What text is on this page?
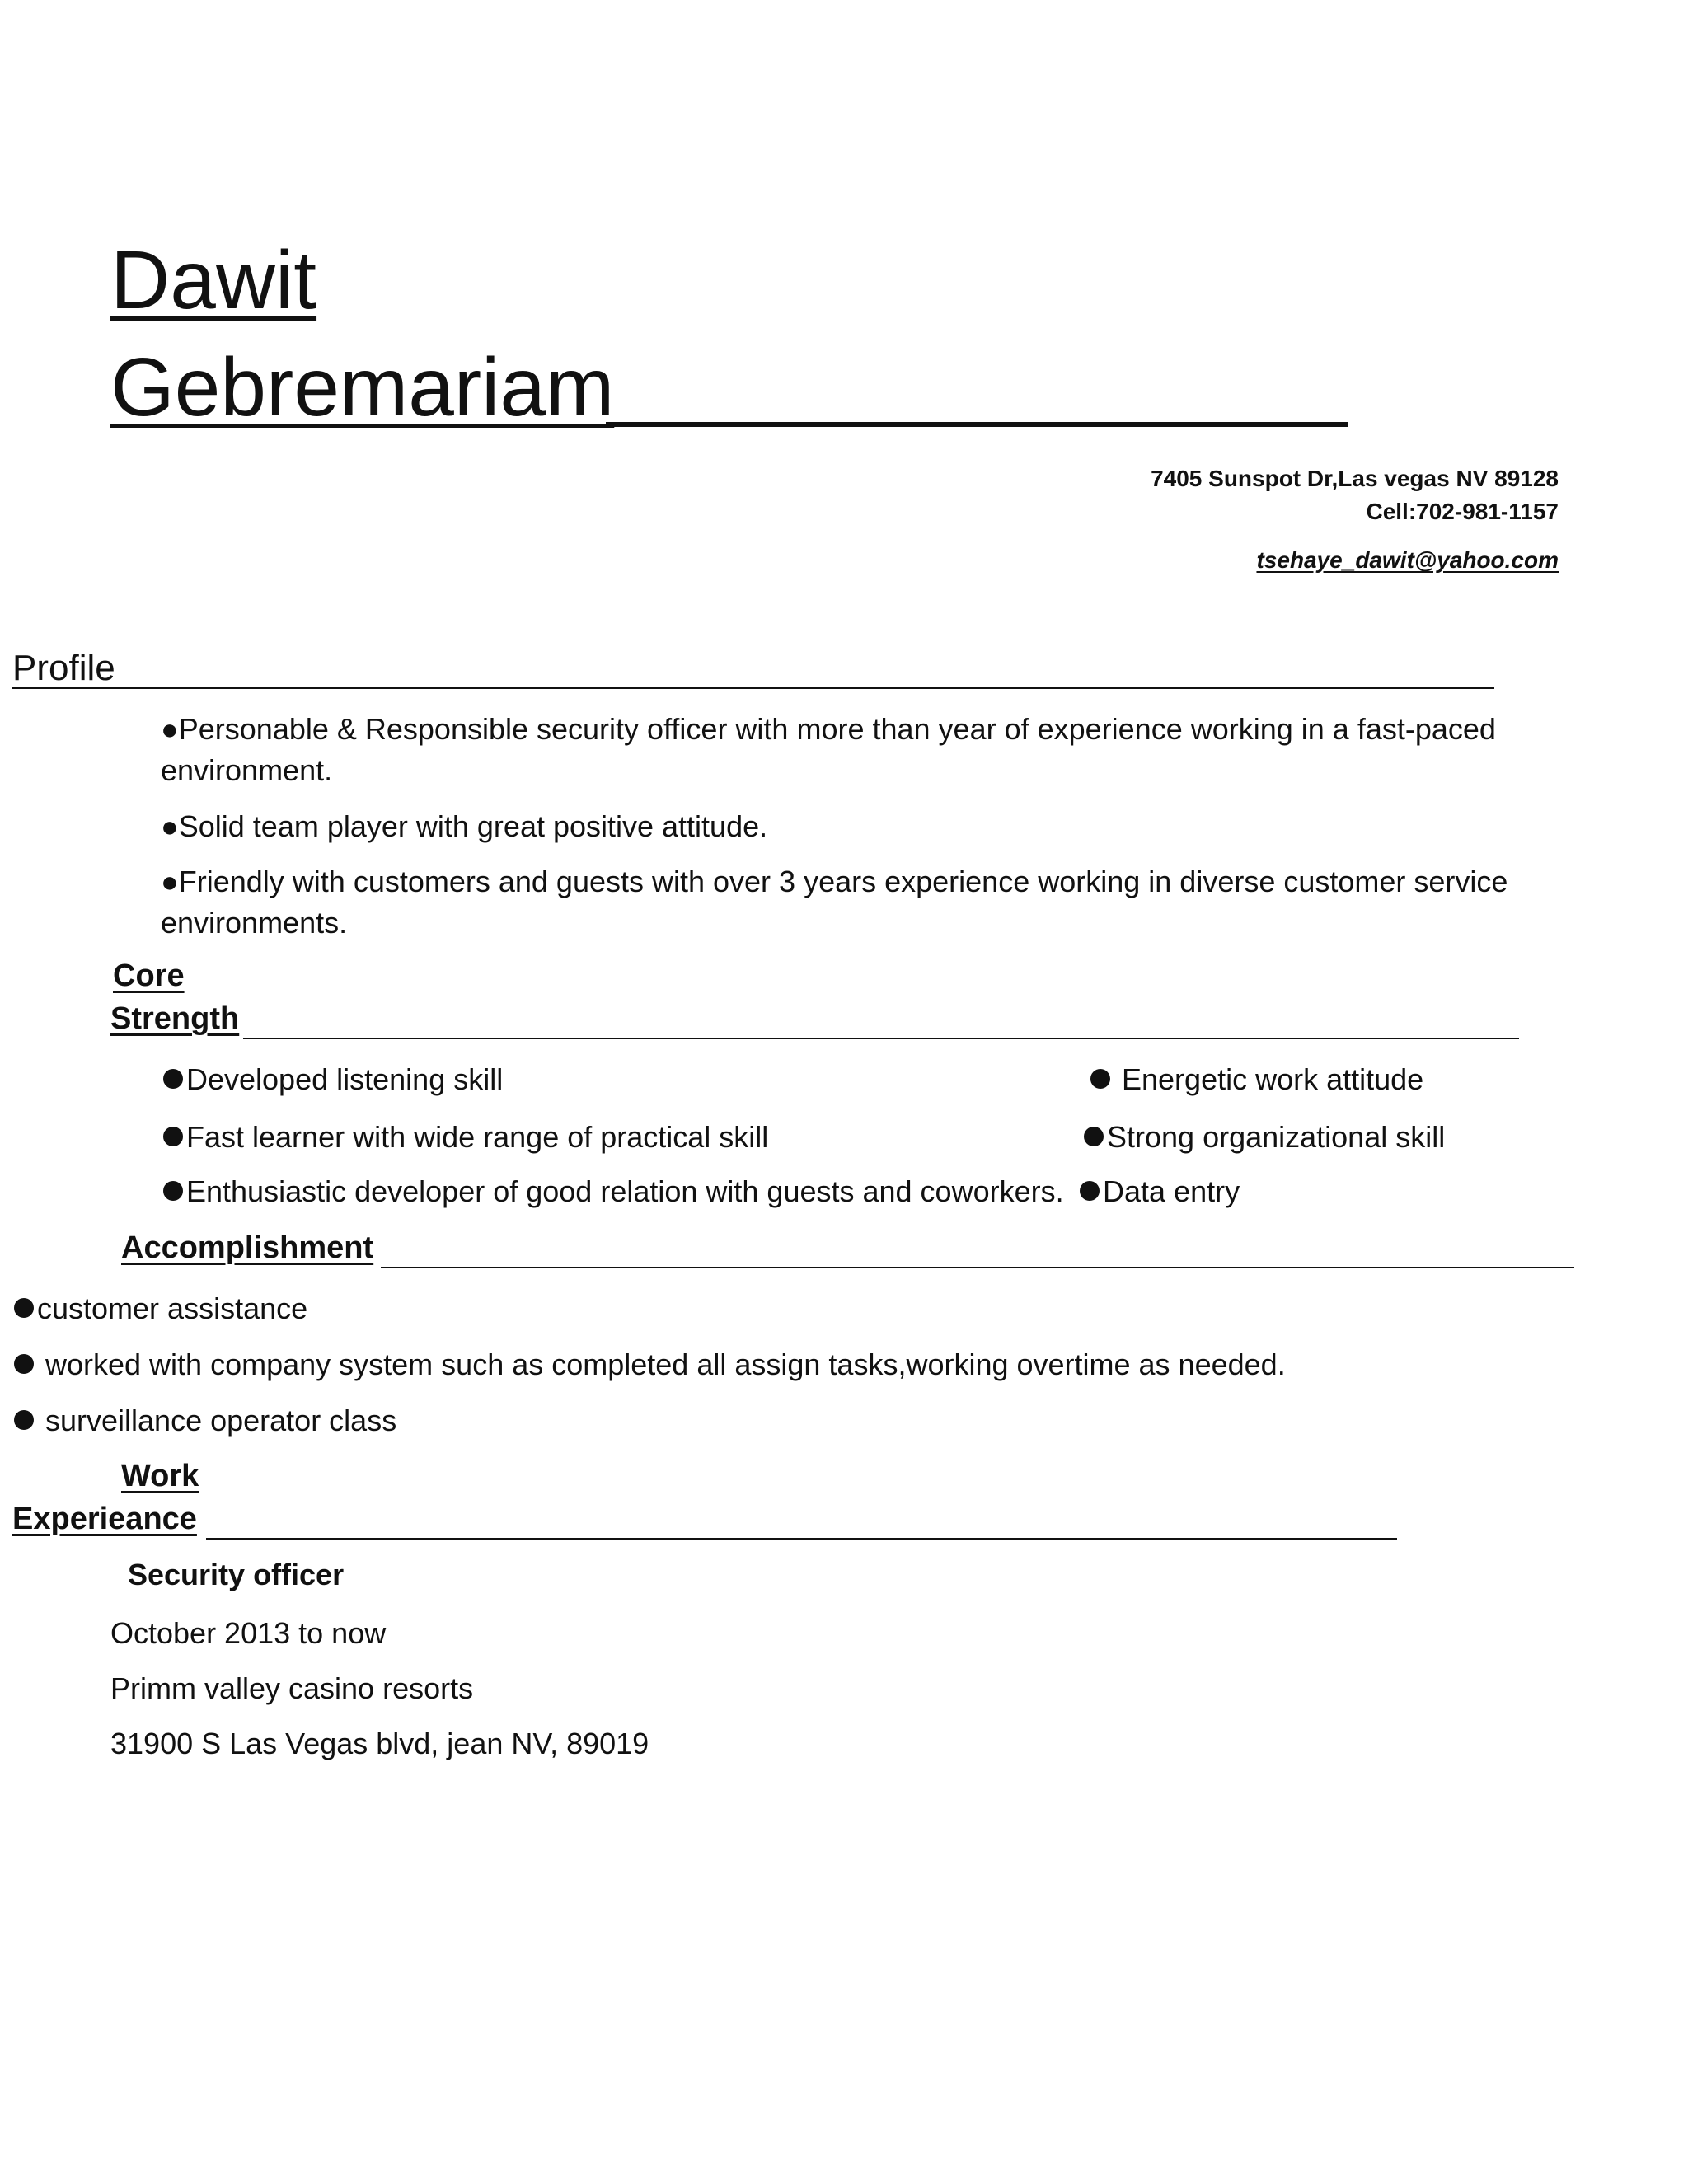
Dawit
Gebremariam
7405 Sunspot Dr,Las vegas NV 89128
Cell:702-981-1157
tsehaye_dawit@yahoo.com
Profile
●Personable & Responsible security officer with more than year of experience working in a fast-paced
environment.
●Solid team player with great positive attitude.
●Friendly with customers and guests with over 3 years experience working in diverse customer service
environments.
Core
Strength
Developed listening skill
Fast learner with wide range of practical skill
Enthusiastic developer of good relation with guests and coworkers.
Energetic work attitude
Strong organizational skill
Data entry
Accomplishment
customer assistance
worked with company system such as completed all assign tasks,working overtime as needed.
surveillance operator class
Work
Experieance
Security officer
October 2013 to now
Primm valley casino resorts
31900 S Las Vegas blvd, jean NV, 89019
